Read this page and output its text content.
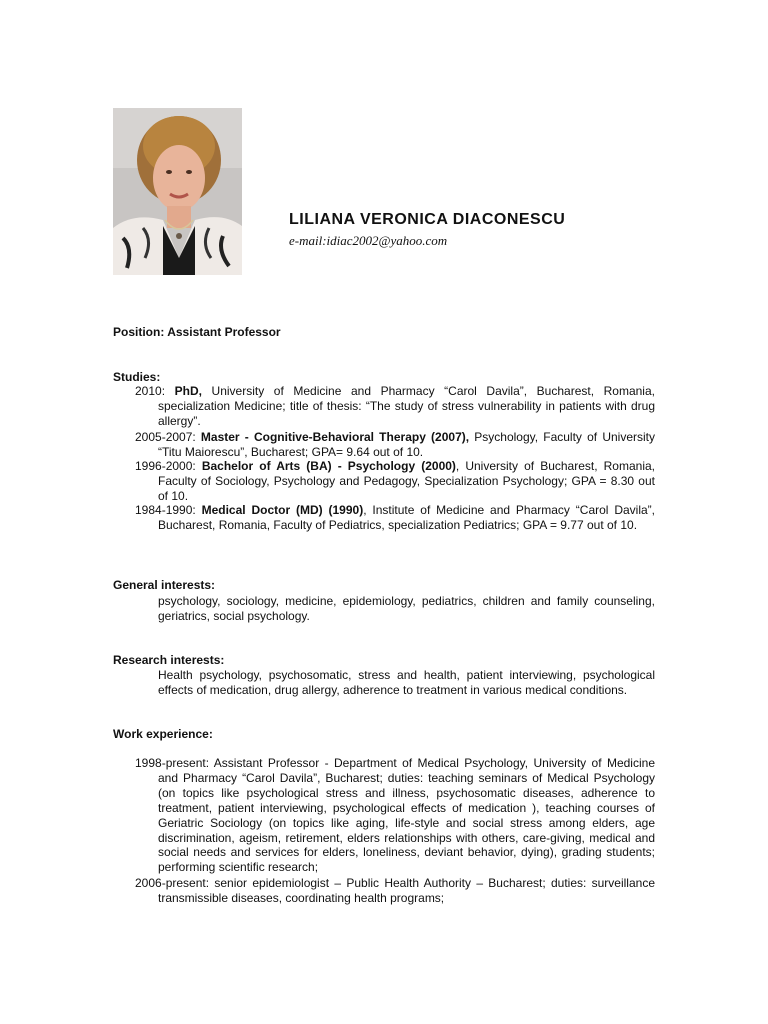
LILIANA VERONICA DIACONESCU
e-mail:idiac2002@yahoo.com
Position: Assistant Professor
Studies:
2010: PhD, University of Medicine and Pharmacy “Carol Davila”, Bucharest, Romania, specialization Medicine; title of thesis: “The study of stress vulnerability in patients with drug allergy”.
2005-2007: Master - Cognitive-Behavioral Therapy (2007), Psychology, Faculty of University “Titu Maiorescu”, Bucharest; GPA= 9.64 out of 10.
1996-2000: Bachelor of Arts (BA) - Psychology (2000), University of Bucharest, Romania, Faculty of Sociology, Psychology and Pedagogy, Specialization Psychology; GPA = 8.30 out of 10.
1984-1990: Medical Doctor (MD) (1990), Institute of Medicine and Pharmacy “Carol Davila”, Bucharest, Romania, Faculty of Pediatrics, specialization Pediatrics; GPA = 9.77 out of 10.
General interests:
psychology, sociology, medicine, epidemiology, pediatrics, children and family counseling, geriatrics, social psychology.
Research interests:
Health psychology, psychosomatic, stress and health, patient interviewing, psychological effects of medication, drug allergy, adherence to treatment in various medical conditions.
Work experience:
1998-present: Assistant Professor - Department of Medical Psychology, University of Medicine and Pharmacy “Carol Davila”, Bucharest; duties: teaching seminars of Medical Psychology (on topics like psychological stress and illness, psychosomatic diseases, adherence to treatment, patient interviewing, psychological effects of medication ), teaching courses of Geriatric Sociology (on topics like aging, life-style and social stress among elders, age discrimination, ageism, retirement, elders relationships with others, care-giving, medical and social needs and services for elders, loneliness, deviant behavior, dying), grading students; performing scientific research;
2006-present: senior epidemiologist – Public Health Authority – Bucharest; duties: surveillance transmissible diseases, coordinating health programs;
